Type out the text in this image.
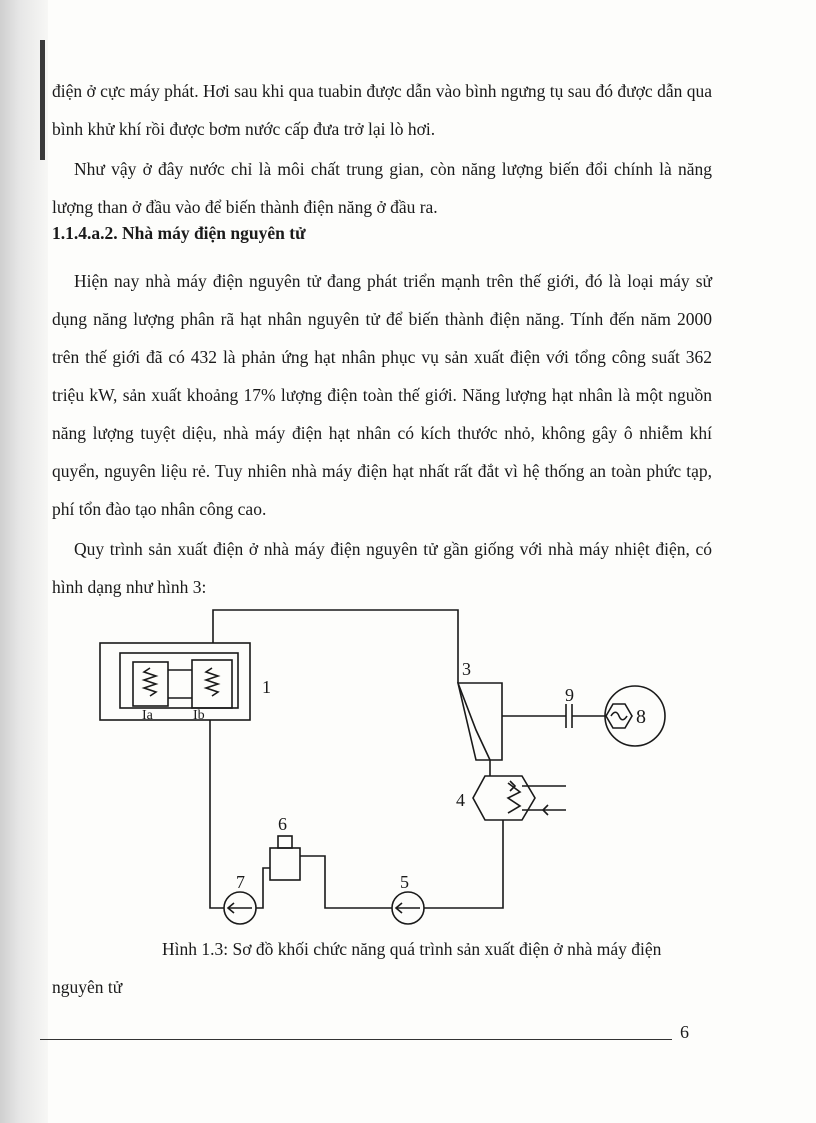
điện ở cực máy phát. Hơi sau khi qua tuabin được dẫn vào bình ngưng tụ sau đó được dẫn qua bình khử khí rồi được bơm nước cấp đưa trở lại lò hơi.

Như vậy ở đây nước chỉ là môi chất trung gian, còn năng lượng biến đổi chính là năng lượng than ở đầu vào để biến thành điện năng ở đầu ra.

1.1.4.a.2. Nhà máy điện nguyên tử

Hiện nay nhà máy điện nguyên tử đang phát triển mạnh trên thế giới, đó là loại máy sử dụng năng lượng phân rã hạt nhân nguyên tử để biến thành điện năng. Tính đến năm 2000 trên thế giới đã có 432 là phản ứng hạt nhân phục vụ sản xuất điện với tổng công suất 362 triệu kW, sản xuất khoảng 17% lượng điện toàn thế giới. Năng lượng hạt nhân là một nguồn năng lượng tuyệt diệu, nhà máy điện hạt nhân có kích thước nhỏ, không gây ô nhiễm khí quyển, nguyên liệu rẻ. Tuy nhiên nhà máy điện hạt nhất rất đắt vì hệ thống an toàn phức tạp, phí tổn đào tạo nhân công cao.

Quy trình sản xuất điện ở nhà máy điện nguyên tử gần giống với nhà máy nhiệt điện, có hình dạng như hình 3:

1
Ia	Ib
3
4
5
6
7
8
9
Hình 1.3: Sơ đồ khối chức năng quá trình sản xuất điện ở nhà máy điện nguyên tử
6
